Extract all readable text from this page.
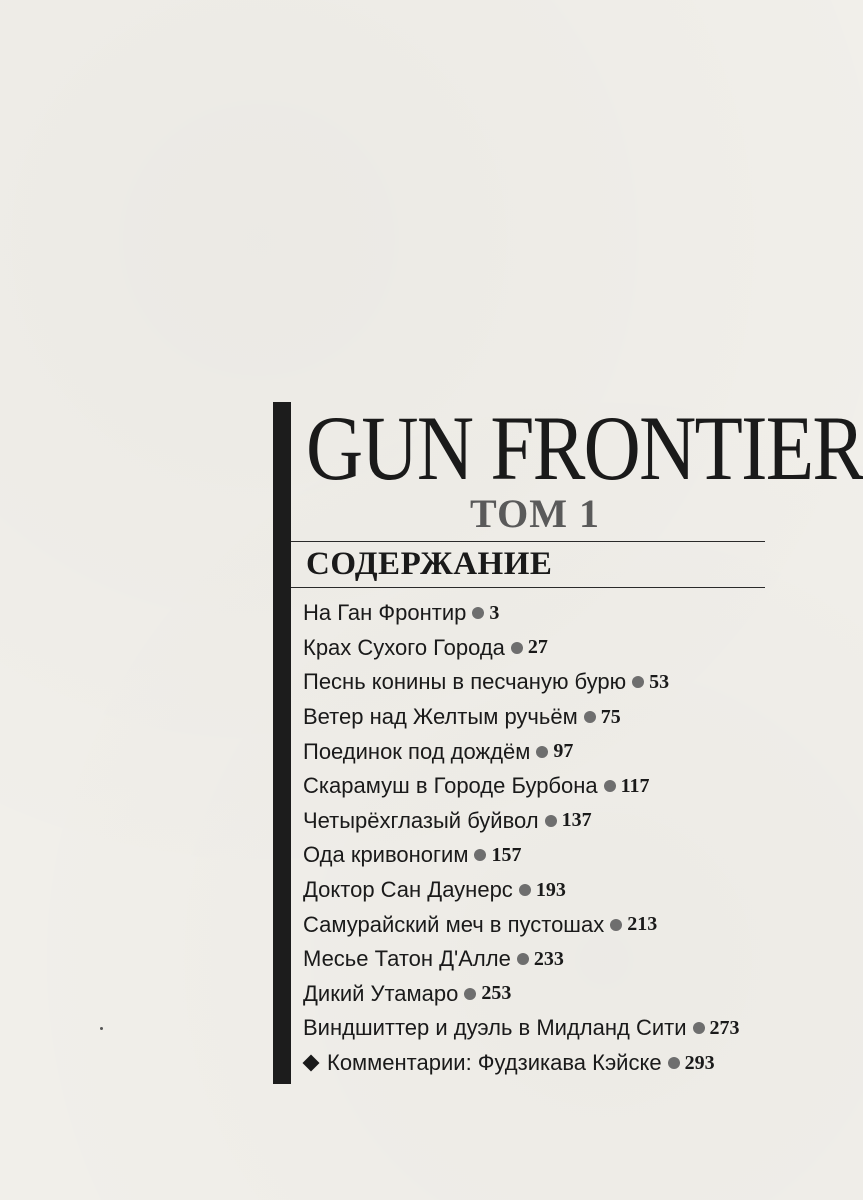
GUN FRONTIER
ТОМ 1
СОДЕРЖАНИЕ
На Ган Фронтир 3
Крах Сухого Города 27
Песнь конины в песчаную бурю 53
Ветер над Желтым ручьём 75
Поединок под дождём 97
Скарамуш в Городе Бурбона 117
Четырёхглазый буйвол 137
Ода кривоногим 157
Доктор Сан Даунерс 193
Самурайский меч в пустошах 213
Месье Татон Д'Алле 233
Дикий Утамаро 253
Виндшиттер и дуэль в Мидланд Сити 273
Комментарии: Фудзикава Кэйске 293
